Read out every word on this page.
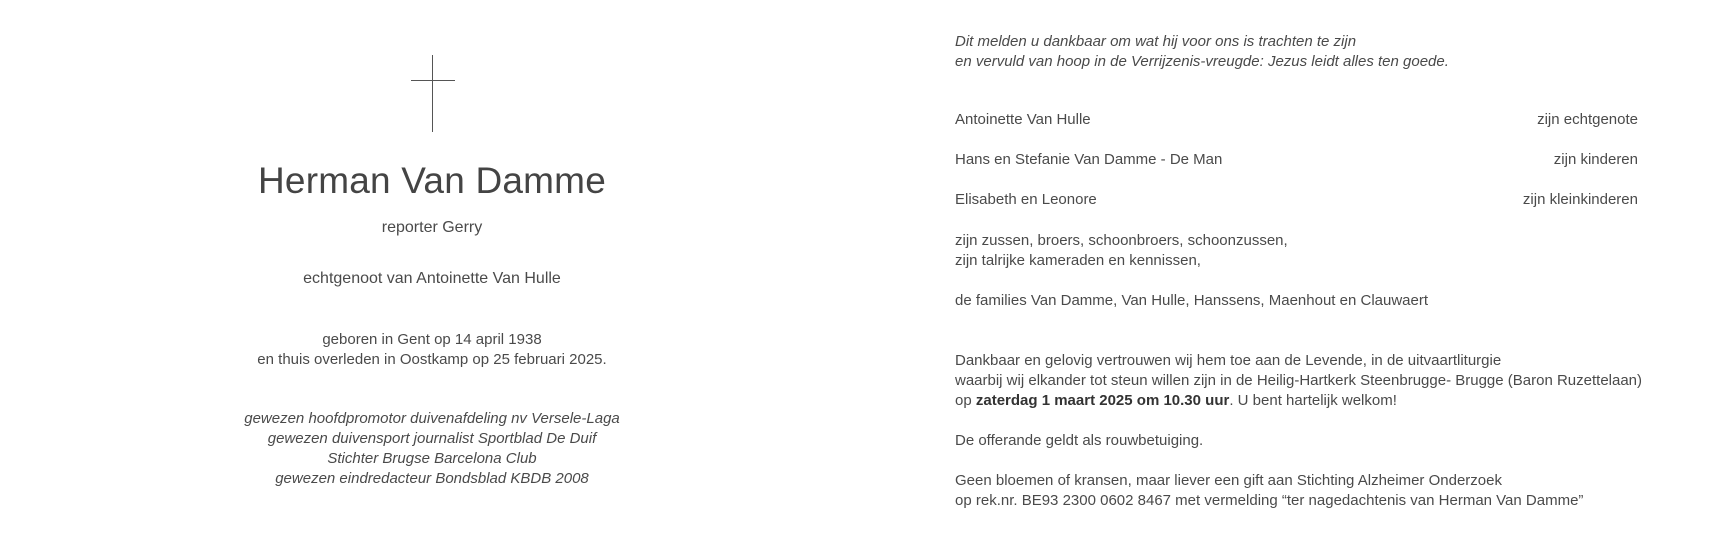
Herman Van Damme
reporter Gerry
echtgenoot van Antoinette Van Hulle
geboren in Gent op 14 april 1938
en thuis overleden in Oostkamp op 25 februari 2025.
gewezen hoofdpromotor duivenafdeling nv Versele-Laga
gewezen duivensport journalist Sportblad De Duif
Stichter Brugse Barcelona Club
gewezen eindredacteur Bondsblad KBDB 2008
Dit melden u dankbaar om wat hij voor ons is trachten te zijn
en vervuld van hoop in de Verrijzenis-vreugde: Jezus leidt alles ten goede.
Antoinette Van Hulle	zijn echtgenote
Hans en Stefanie Van Damme - De Man	zijn kinderen
Elisabeth en Leonore	zijn kleinkinderen
zijn zussen, broers, schoonbroers, schoonzussen,
zijn talrijke kameraden en kennissen,
de families Van Damme, Van Hulle, Hanssens, Maenhout en Clauwaert
Dankbaar en gelovig vertrouwen wij hem toe aan de Levende, in de uitvaartliturgie
waarbij wij elkander tot steun willen zijn in de Heilig-Hartkerk Steenbrugge- Brugge (Baron Ruzettelaan)
op zaterdag 1 maart 2025 om 10.30 uur. U bent hartelijk welkom!
De offerande geldt als rouwbetuiging.
Geen bloemen of kransen, maar liever een gift aan Stichting Alzheimer Onderzoek
op rek.nr. BE93 2300 0602 8467 met vermelding “ter nagedachtenis van Herman Van Damme”
